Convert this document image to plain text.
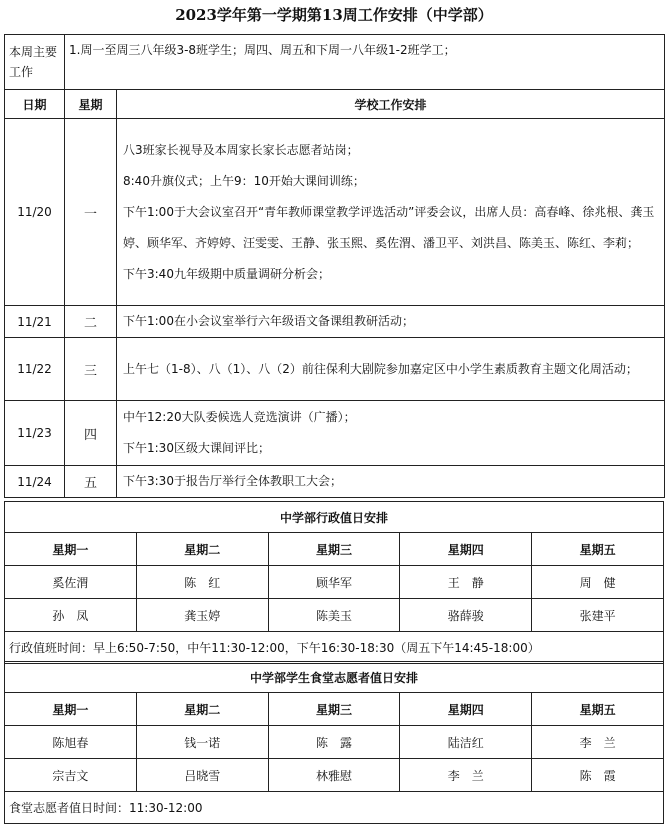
2023学年第一学期第13周工作安排（中学部）
本周主要工作	1.周一至周三八年级3-8班学生；周四、周五和下周一八年级1-2班学工；	
日期	星期	学校工作安排
11/20	一	八3班家长视导及本周家长家长志愿者站岗；
8:40升旗仪式；上午9：10开始大课间训练；
下午1:00于大会议室召开“青年教师课堂教学评选活动”评委会议，出席人员：高春峰、徐兆根、龚玉婷、顾华军、齐婷婷、汪雯雯、王静、张玉熙、奚佐渭、潘卫平、刘洪昌、陈美玉、陈红、李莉；
下午3:40九年级期中质量调研分析会；

11/21	二	下午1:00在小会议室举行六年级语文备课组教研活动；

11/22	三	上午七（1-8）、八（1）、八（2）前往保利大剧院参加嘉定区中小学生素质教育主题文化周活动；

11/23	四	中午12:20大队委候选人竞选演讲（广播）；
下午1:30区级大课间评比；

11/24	五	下午3:30于报告厅举行全体教职工大会；
中学部行政值日安排				
星期一	星期二	星期三	星期四	星期五
奚佐渭	陈　红	顾华军	王　静	周　健
孙　凤	龚玉婷	陈美玉	骆薛骏	张建平
行政值班时间：早上6:50-7:50，中午11:30-12:00，下午16:30-18:30（周五下午14:45-18:00）				
中学部学生食堂志愿者值日安排				
星期一	星期二	星期三	星期四	星期五
陈旭春	钱一诺	陈　露	陆洁红	李　兰
宗吉文	吕晓雪	林雅慰	李　兰	陈　霞
食堂志愿者值日时间：11:30-12:00				
